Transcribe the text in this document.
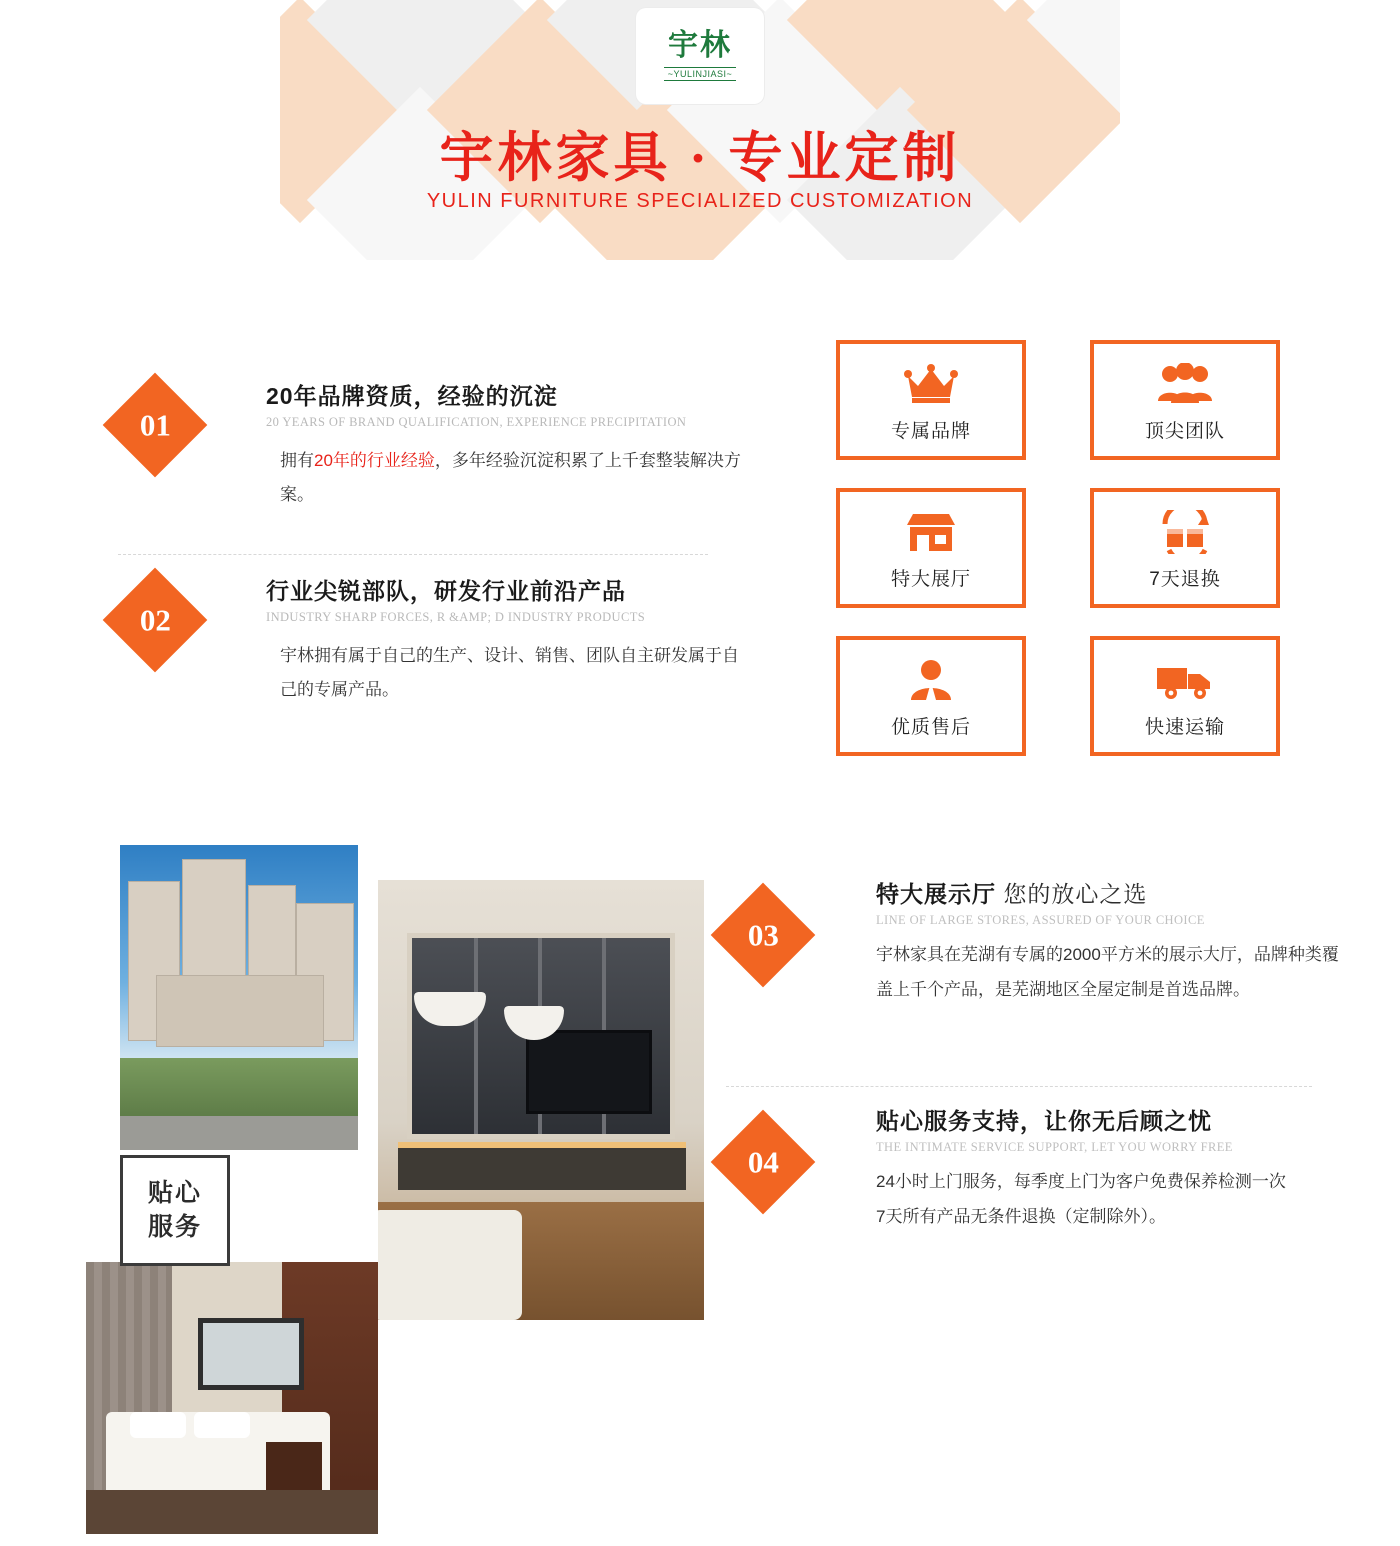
宇林
~YULINJIASI~
宇林家具 · 专业定制
YULIN FURNITURE SPECIALIZED CUSTOMIZATION
01
20年品牌资质，经验的沉淀
20 YEARS OF BRAND QUALIFICATION, EXPERIENCE PRECIPITATION
拥有20年的行业经验，多年经验沉淀积累了上千套整装解决方案。
02
行业尖锐部队，研发行业前沿产品
INDUSTRY SHARP FORCES, R &AMP; D INDUSTRY PRODUCTS
宇林拥有属于自己的生产、设计、销售、团队自主研发属于自己的专属产品。
专属品牌	顶尖团队
特大展厅	7天退换
优质售后	快速运输
贴心
服务
03
特大展示厅 您的放心之选
LINE OF LARGE STORES, ASSURED OF YOUR CHOICE
宇林家具在芜湖有专属的2000平方米的展示大厅，品牌种类覆盖上千个产品，是芜湖地区全屋定制是首选品牌。
04
贴心服务支持，让你无后顾之忧
THE INTIMATE SERVICE SUPPORT, LET YOU WORRY FREE
24小时上门服务，每季度上门为客户免费保养检测一次
7天所有产品无条件退换（定制除外）。
